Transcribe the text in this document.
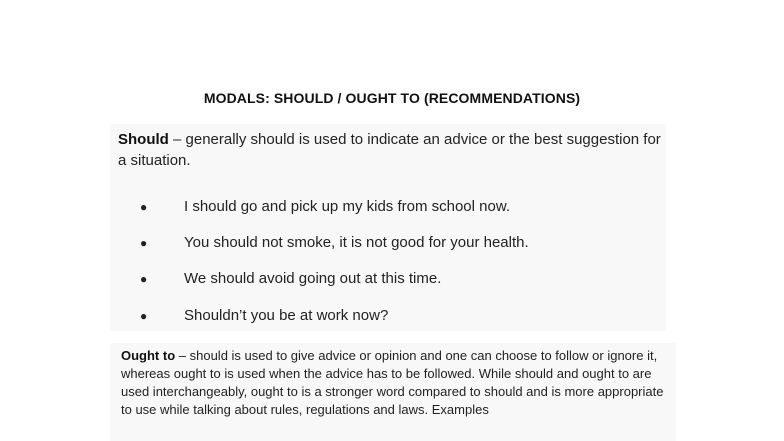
MODALS: SHOULD / OUGHT TO (RECOMMENDATIONS)
Should – generally should is used to indicate an advice or the best suggestion for a situation.
● I should go and pick up my kids from school now.
● You should not smoke, it is not good for your health.
● We should avoid going out at this time.
● Shouldn’t you be at work now?
Ought to – should is used to give advice or opinion and one can choose to follow or ignore it, whereas ought to is used when the advice has to be followed. While should and ought to are used interchangeably, ought to is a stronger word compared to should and is more appropriate to use while talking about rules, regulations and laws. Examples
